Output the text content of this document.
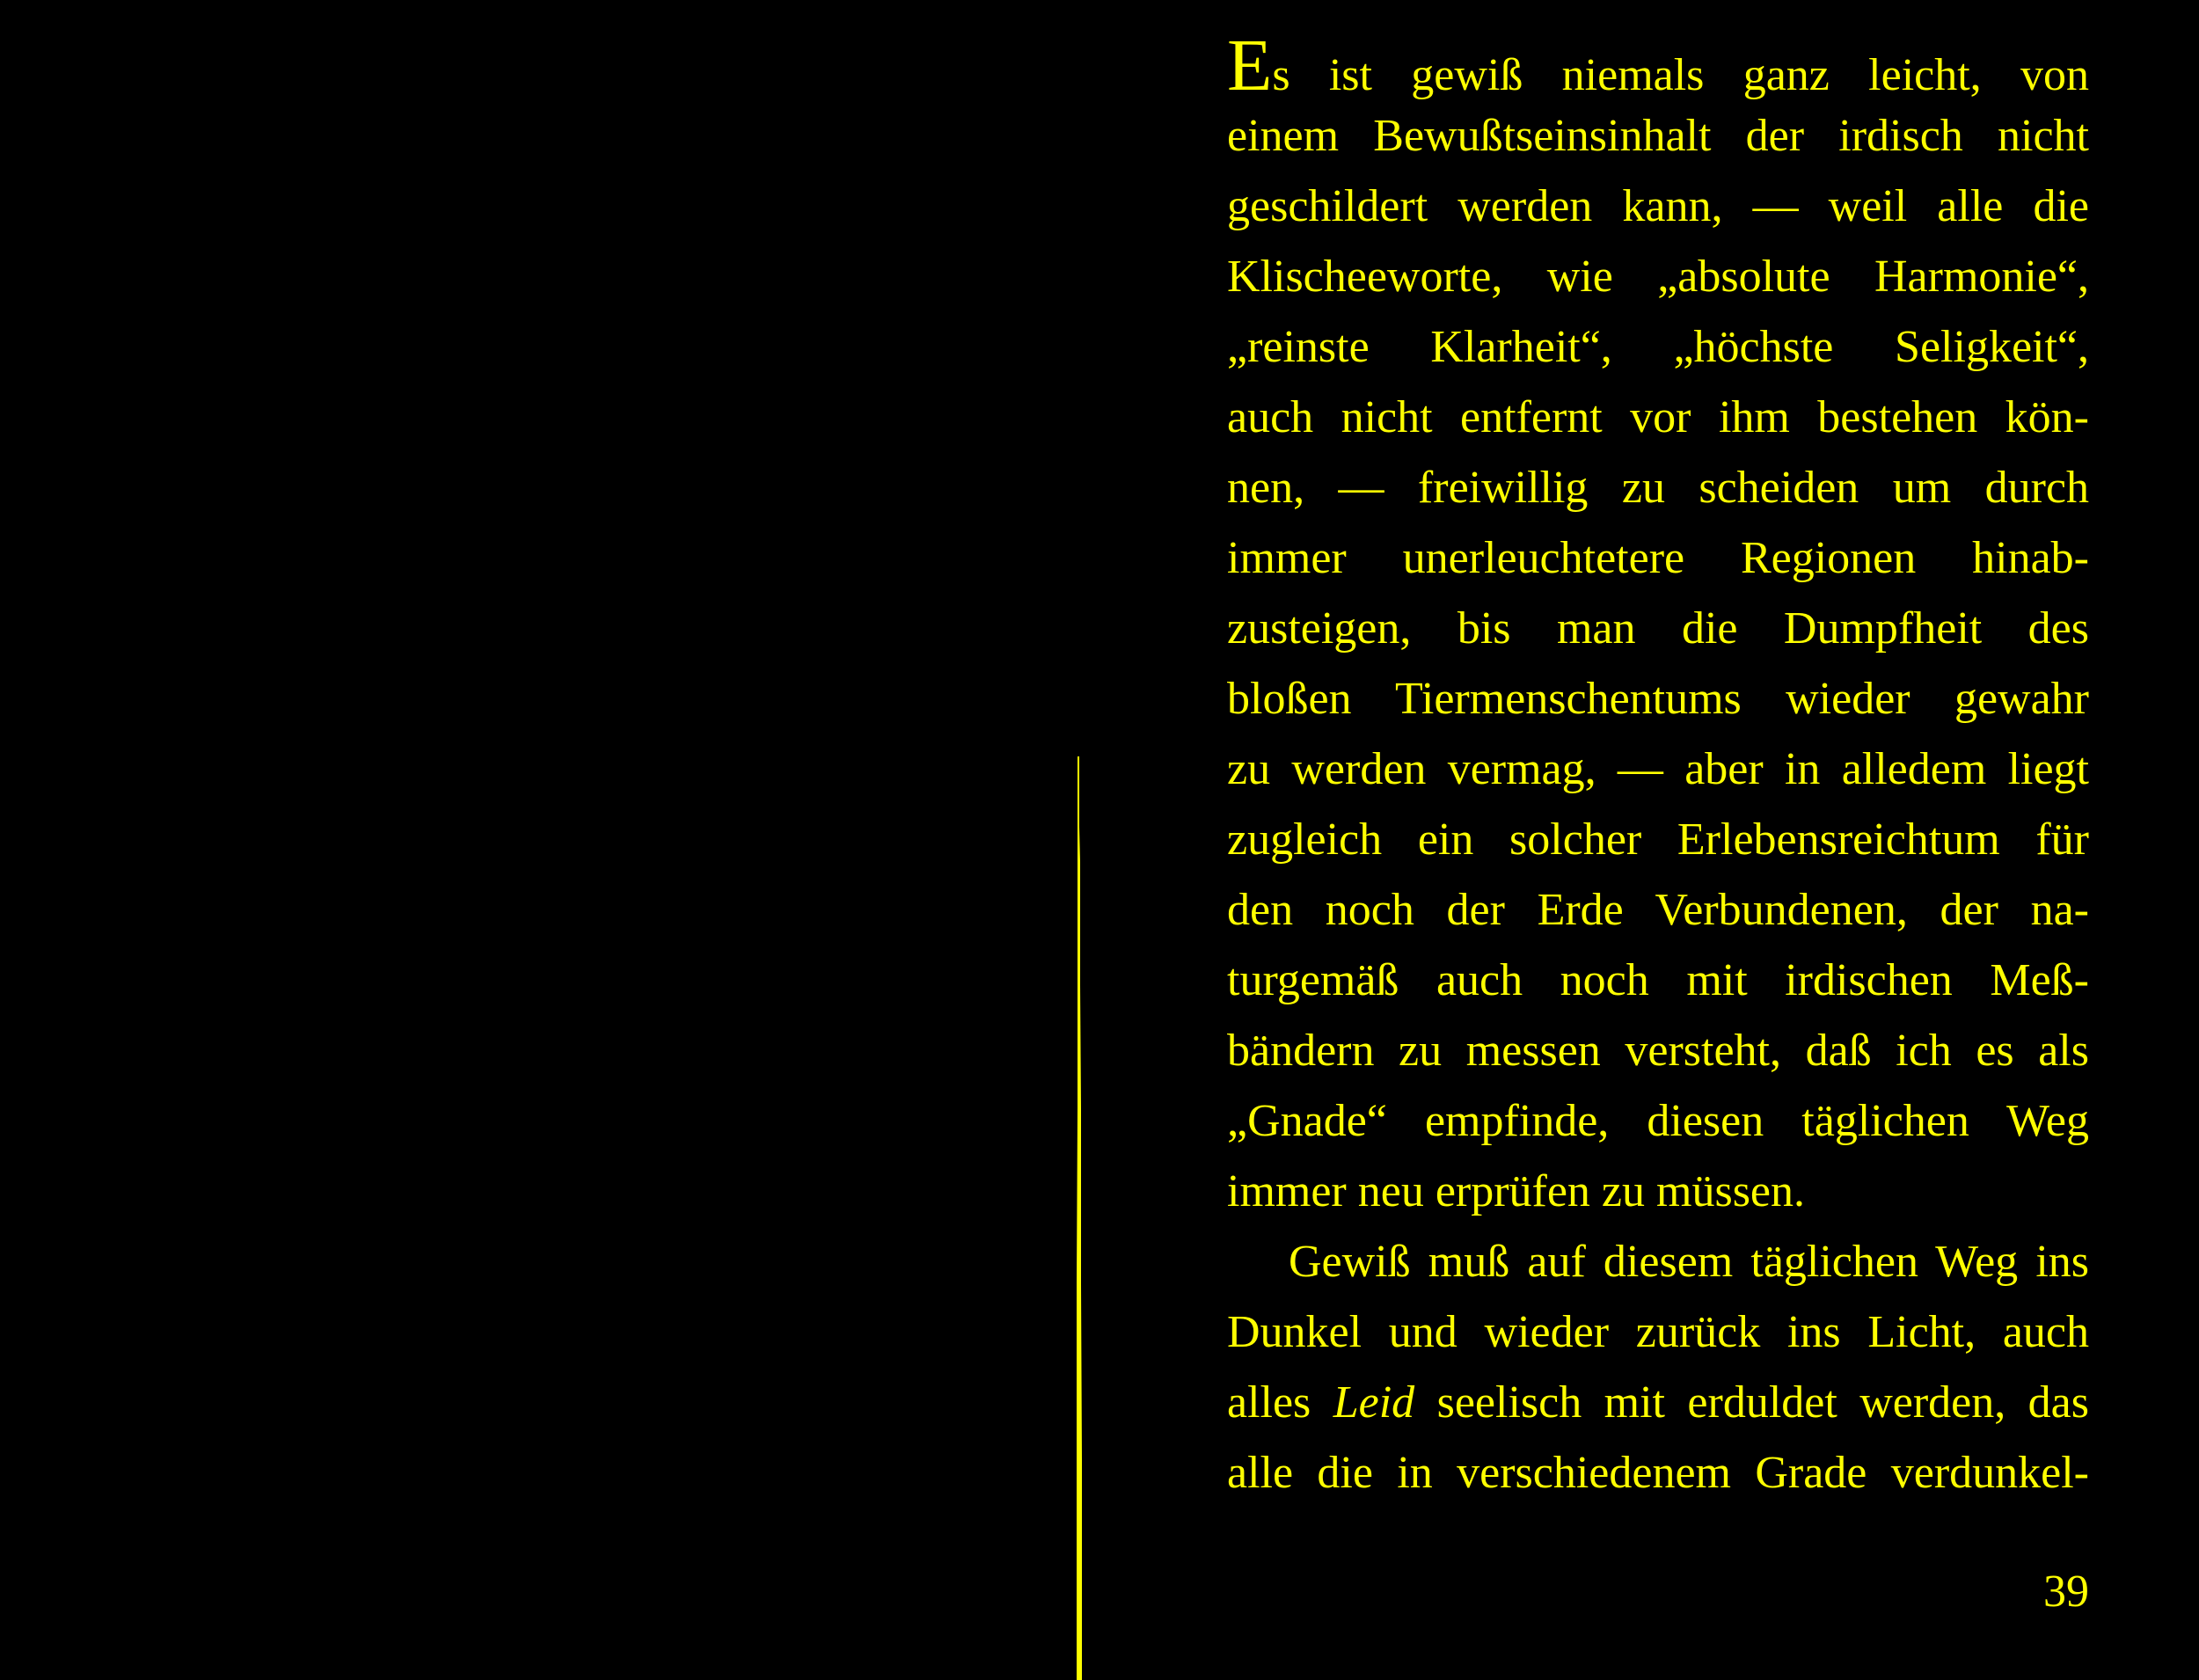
Es ist gewiß niemals ganz leicht, von
einem Bewußtseinsinhalt der irdisch nicht
geschildert werden kann, — weil alle die
Klischeeworte, wie „absolute Harmonie“,
„reinste Klarheit“, „höchste Seligkeit“,
auch nicht entfernt vor ihm bestehen kön-
nen, — freiwillig zu scheiden um durch
immer unerleuchtetere Regionen hinab-
zusteigen, bis man die Dumpfheit des
bloßen Tiermenschentums wieder gewahr
zu werden vermag, — aber in alledem liegt
zugleich ein solcher Erlebensreichtum für
den noch der Erde Verbundenen, der na-
turgemäß auch noch mit irdischen Meß-
bändern zu messen versteht, daß ich es als
„Gnade“ empfinde, diesen täglichen Weg
immer neu erprüfen zu müssen.
Gewiß muß auf diesem täglichen Weg ins
Dunkel und wieder zurück ins Licht, auch
alles Leid seelisch mit erduldet werden, das
alle die in verschiedenem Grade verdunkel-
39
